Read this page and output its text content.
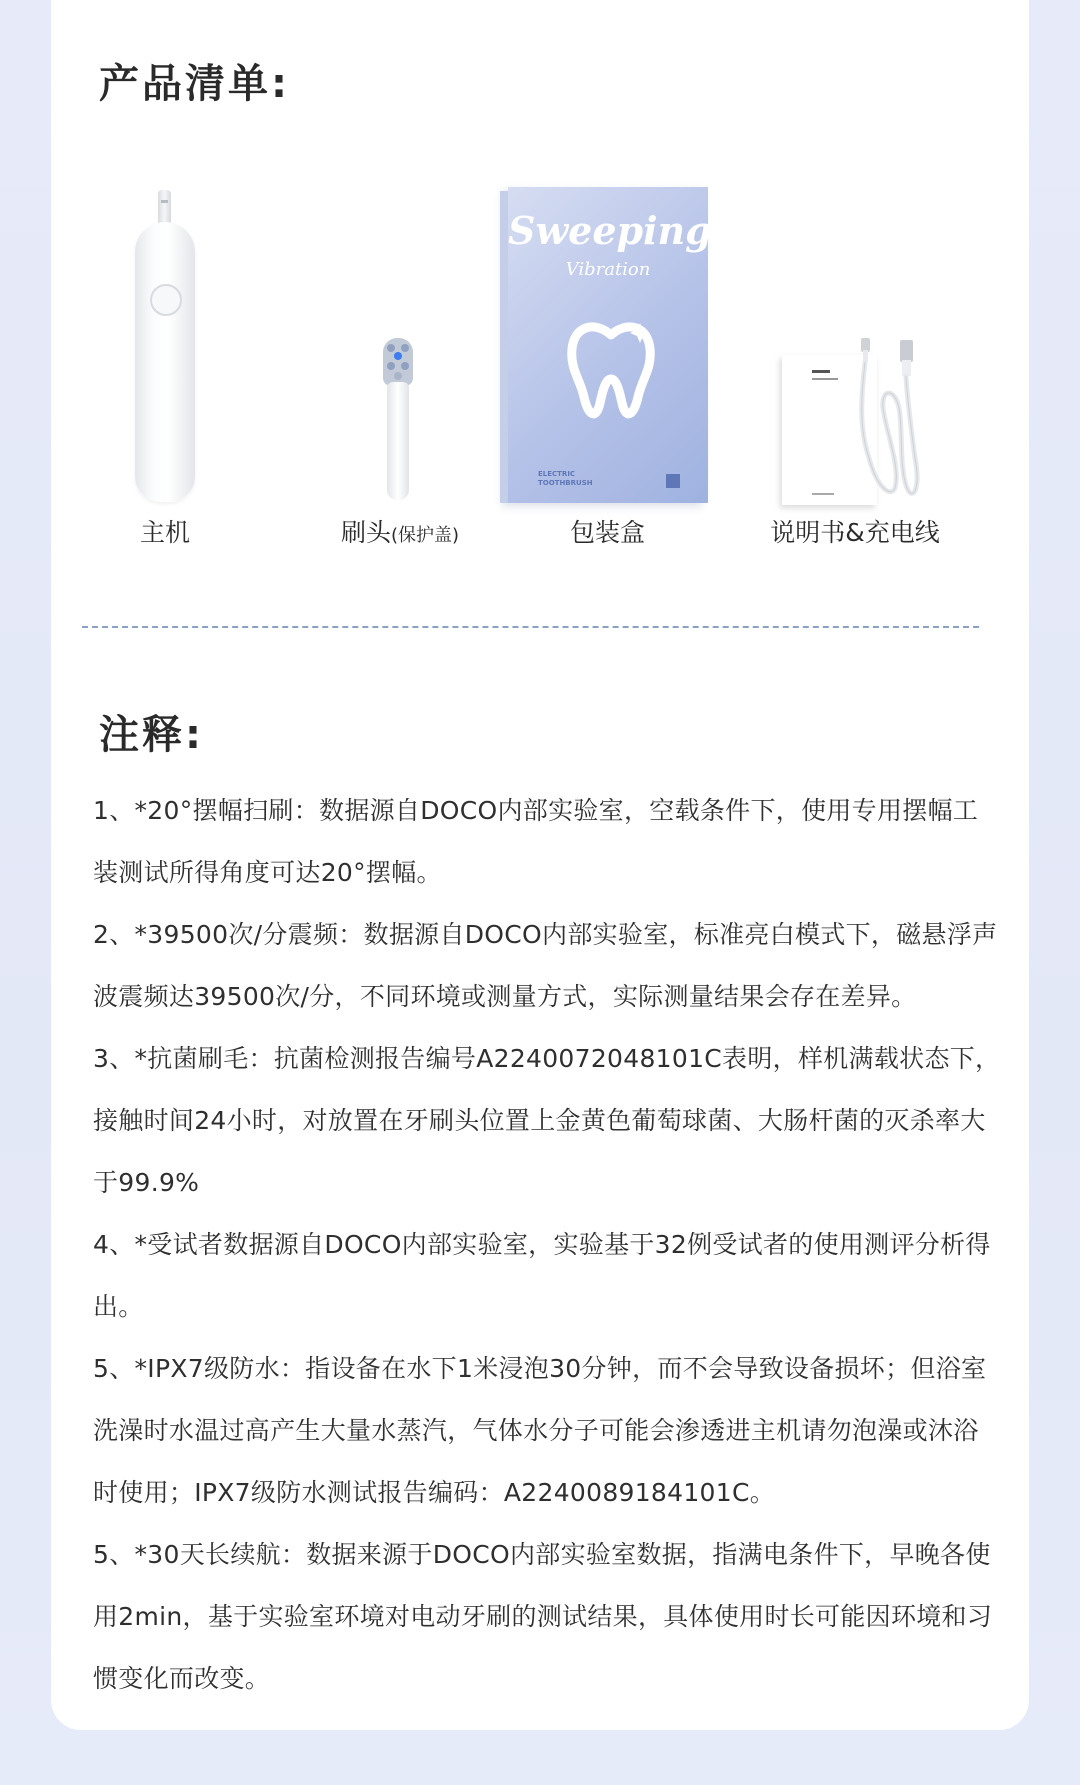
产品清单:
主机	刷头(保护盖)
Sweeping
Vibration
ELECTRIC
TOOTHBRUSH
包装盒	说明书&充电线
注释:
1、*20°摆幅扫刷：数据源自DOCO内部实验室，空载条件下，使用专用摆幅工装测试所得角度可达20°摆幅。
2、*39500次/分震频：数据源自DOCO内部实验室，标准亮白模式下，磁悬浮声波震频达39500次/分，不同环境或测量方式，实际测量结果会存在差异。
3、*抗菌刷毛：抗菌检测报告编号A2240072048101C表明，样机满载状态下，接触时间24小时，对放置在牙刷头位置上金黄色葡萄球菌、大肠杆菌的灭杀率大于99.9%
4、*受试者数据源自DOCO内部实验室，实验基于32例受试者的使用测评分析得出。
5、*IPX7级防水：指设备在水下1米浸泡30分钟，而不会导致设备损坏；但浴室洗澡时水温过高产生大量水蒸汽，气体水分子可能会渗透进主机请勿泡澡或沐浴时使用；IPX7级防水测试报告编码：A2240089184101C。
5、*30天长续航：数据来源于DOCO内部实验室数据，指满电条件下，早晚各使用2min，基于实验室环境对电动牙刷的测试结果，具体使用时长可能因环境和习惯变化而改变。
